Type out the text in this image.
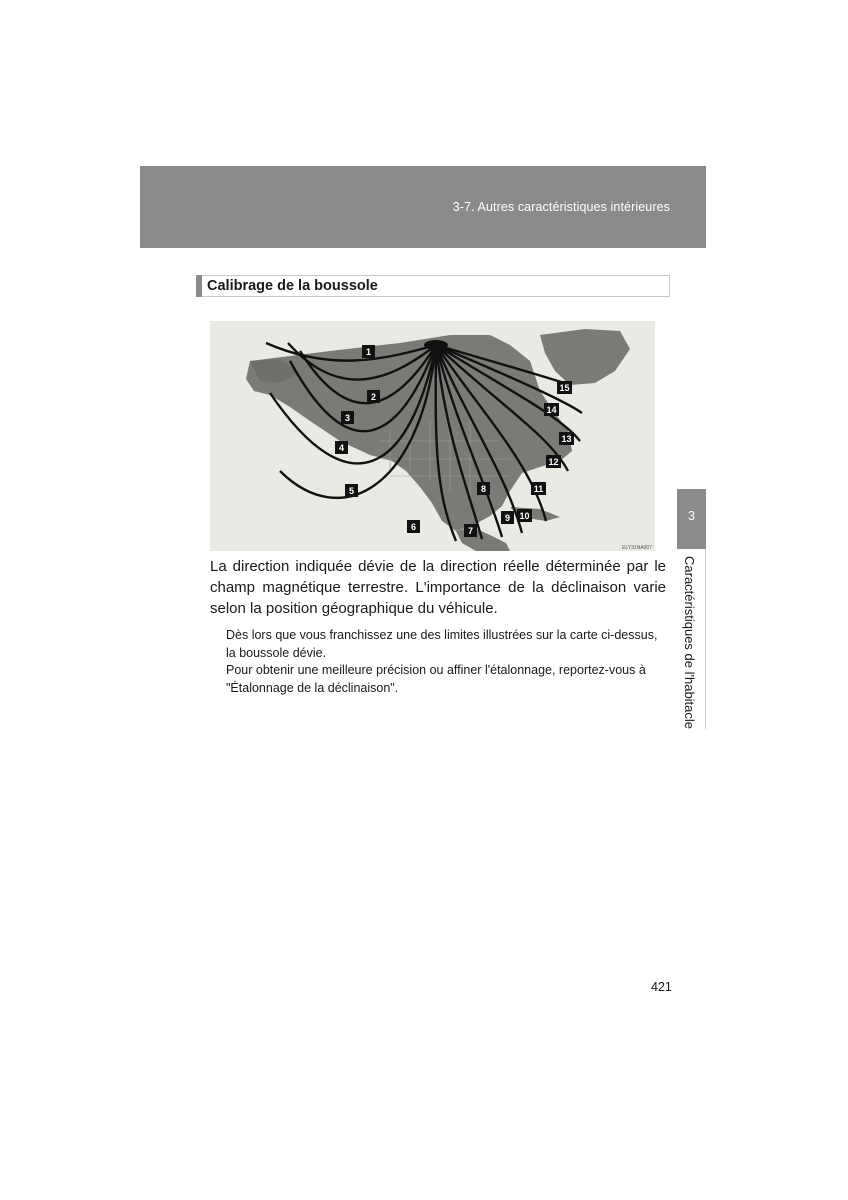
3-7. Autres caractéristiques intérieures
Calibrage de la boussole
1
2
3
4
5
6	7
8
9 10
11
12
13
14
15
ELY31NA007

La direction indiquée dévie de la direction réelle déterminée par le champ magnétique terrestre. L'importance de la déclinaison varie selon la position géographique du véhicule.

Dès lors que vous franchissez une des limites illustrées sur la carte ci-dessus, la boussole dévie.

Pour obtenir une meilleure précision ou affiner l'étalonnage, reportez-vous à "Étalonnage de la déclinaison".

3
Caractéristiques de l'habitacle
421
